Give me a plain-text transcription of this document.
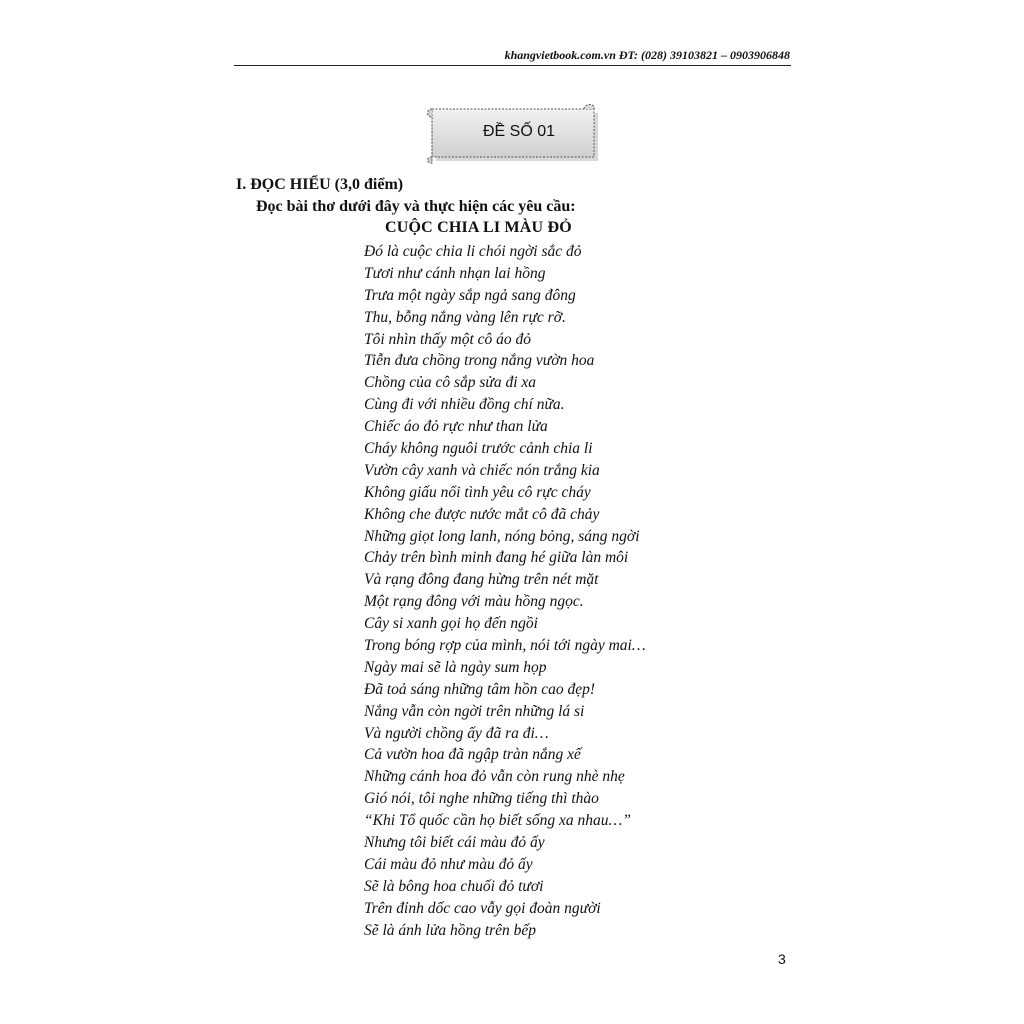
khangvietbook.com.vn ĐT: (028) 39103821 – 0903906848
ĐỀ SỐ 01
I. ĐỌC HIỂU (3,0 điểm)
Đọc bài thơ dưới đây và thực hiện các yêu cầu:
CUỘC CHIA LI MÀU ĐỎ
Đó là cuộc chia li chói ngời sắc đỏ
Tươi như cánh nhạn lai hồng
Trưa một ngày sắp ngả sang đông
Thu, bỗng nắng vàng lên rực rỡ.
Tôi nhìn thấy một cô áo đỏ
Tiễn đưa chồng trong nắng vườn hoa
Chồng của cô sắp sửa đi xa
Cùng đi với nhiều đồng chí nữa.
Chiếc áo đỏ rực như than lửa
Cháy không nguôi trước cảnh chia li
Vườn cây xanh và chiếc nón trắng kia
Không giấu nổi tình yêu cô rực cháy
Không che được nước mắt cô đã chảy
Những giọt long lanh, nóng bỏng, sáng ngời
Chảy trên bình minh đang hé giữa làn môi
Và rạng đông đang hừng trên nét mặt
Một rạng đông với màu hồng ngọc.
Cây si xanh gọi họ đến ngồi
Trong bóng rợp của mình, nói tới ngày mai…
Ngày mai sẽ là ngày sum họp
Đã toả sáng những tâm hồn cao đẹp!
Nắng vẫn còn ngời trên những lá si
Và người chồng ấy đã ra đi…
Cả vườn hoa đã ngập tràn nắng xế
Những cánh hoa đỏ vẫn còn rung nhè nhẹ
Gió nói, tôi nghe những tiếng thì thào
“Khi Tổ quốc cần họ biết sống xa nhau…”
Nhưng tôi biết cái màu đỏ ấy
Cái màu đỏ như màu đỏ ấy
Sẽ là bông hoa chuối đỏ tươi
Trên đỉnh dốc cao vẫy gọi đoàn người
Sẽ là ánh lửa hồng trên bếp
3
